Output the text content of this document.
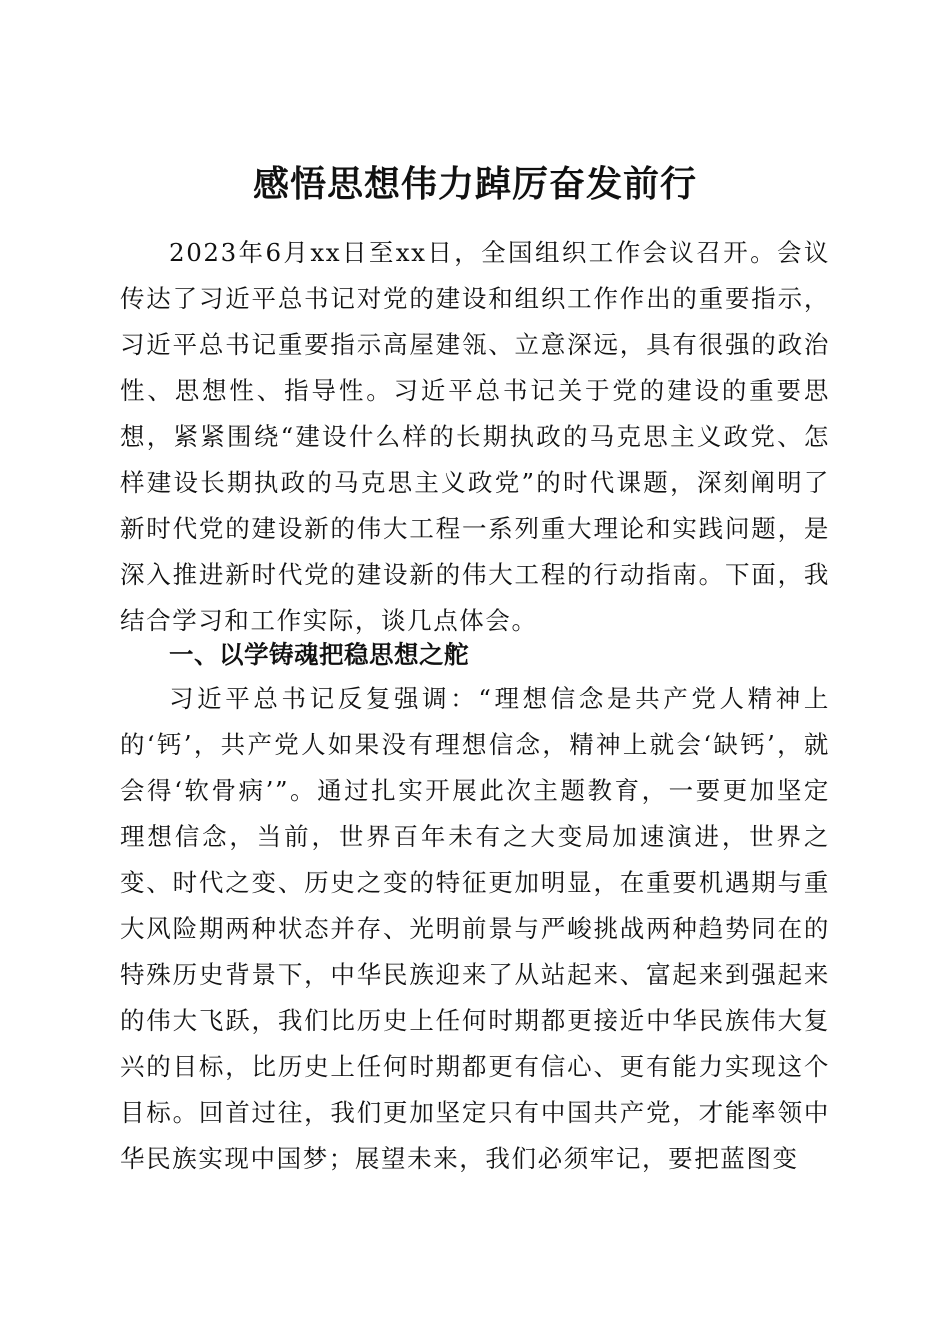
感悟思想伟力踔厉奋发前行

2023年6月xx日至xx日，全国组织工作会议召开。会议传达了习近平总书记对党的建设和组织工作作出的重要指示，习近平总书记重要指示高屋建瓴、立意深远，具有很强的政治性、思想性、指导性。习近平总书记关于党的建设的重要思想，紧紧围绕“建设什么样的长期执政的马克思主义政党、怎样建设长期执政的马克思主义政党”的时代课题，深刻阐明了新时代党的建设新的伟大工程一系列重大理论和实践问题，是深入推进新时代党的建设新的伟大工程的行动指南。下面，我结合学习和工作实际，谈几点体会。

一、以学铸魂把稳思想之舵

习近平总书记反复强调：“理想信念是共产党人精神上的‘钙’，共产党人如果没有理想信念，精神上就会‘缺钙’，就会得‘软骨病’”。通过扎实开展此次主题教育，一要更加坚定理想信念，当前，世界百年未有之大变局加速演进，世界之变、时代之变、历史之变的特征更加明显，在重要机遇期与重大风险期两种状态并存、光明前景与严峻挑战两种趋势同在的特殊历史背景下，中华民族迎来了从站起来、富起来到强起来的伟大飞跃，我们比历史上任何时期都更接近中华民族伟大复兴的目标，比历史上任何时期都更有信心、更有能力实现这个目标。回首过往，我们更加坚定只有中国共产党，才能率领中华民族实现中国梦；展望未来，我们必须牢记，要把蓝图变
